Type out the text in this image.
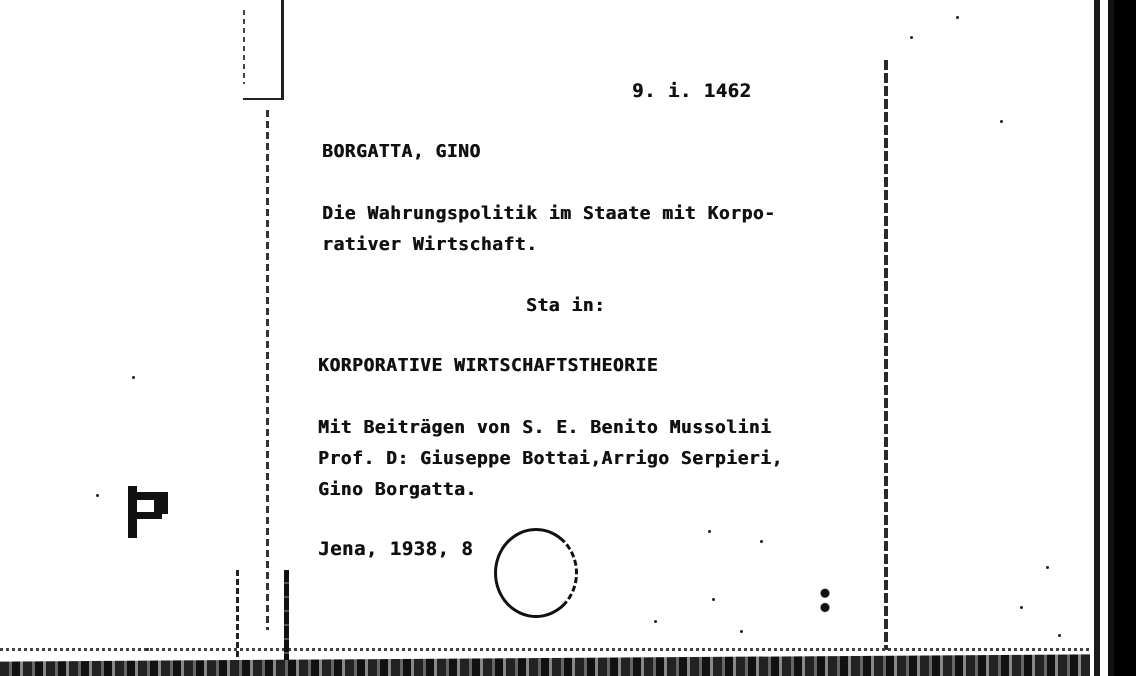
9. i. 1462

BORGATTA, GINO

Die Wahrungspolitik im Staate mit Korpo-
rativer Wirtschaft.

Sta in:

KORPORATIVE WIRTSCHAFTSTHEORIE

Mit Beiträgen von S. E. Benito Mussolini
Prof. D: Giuseppe Bottai,Arrigo Serpieri,
Gino Borgatta.

Jena, 1938, 8
